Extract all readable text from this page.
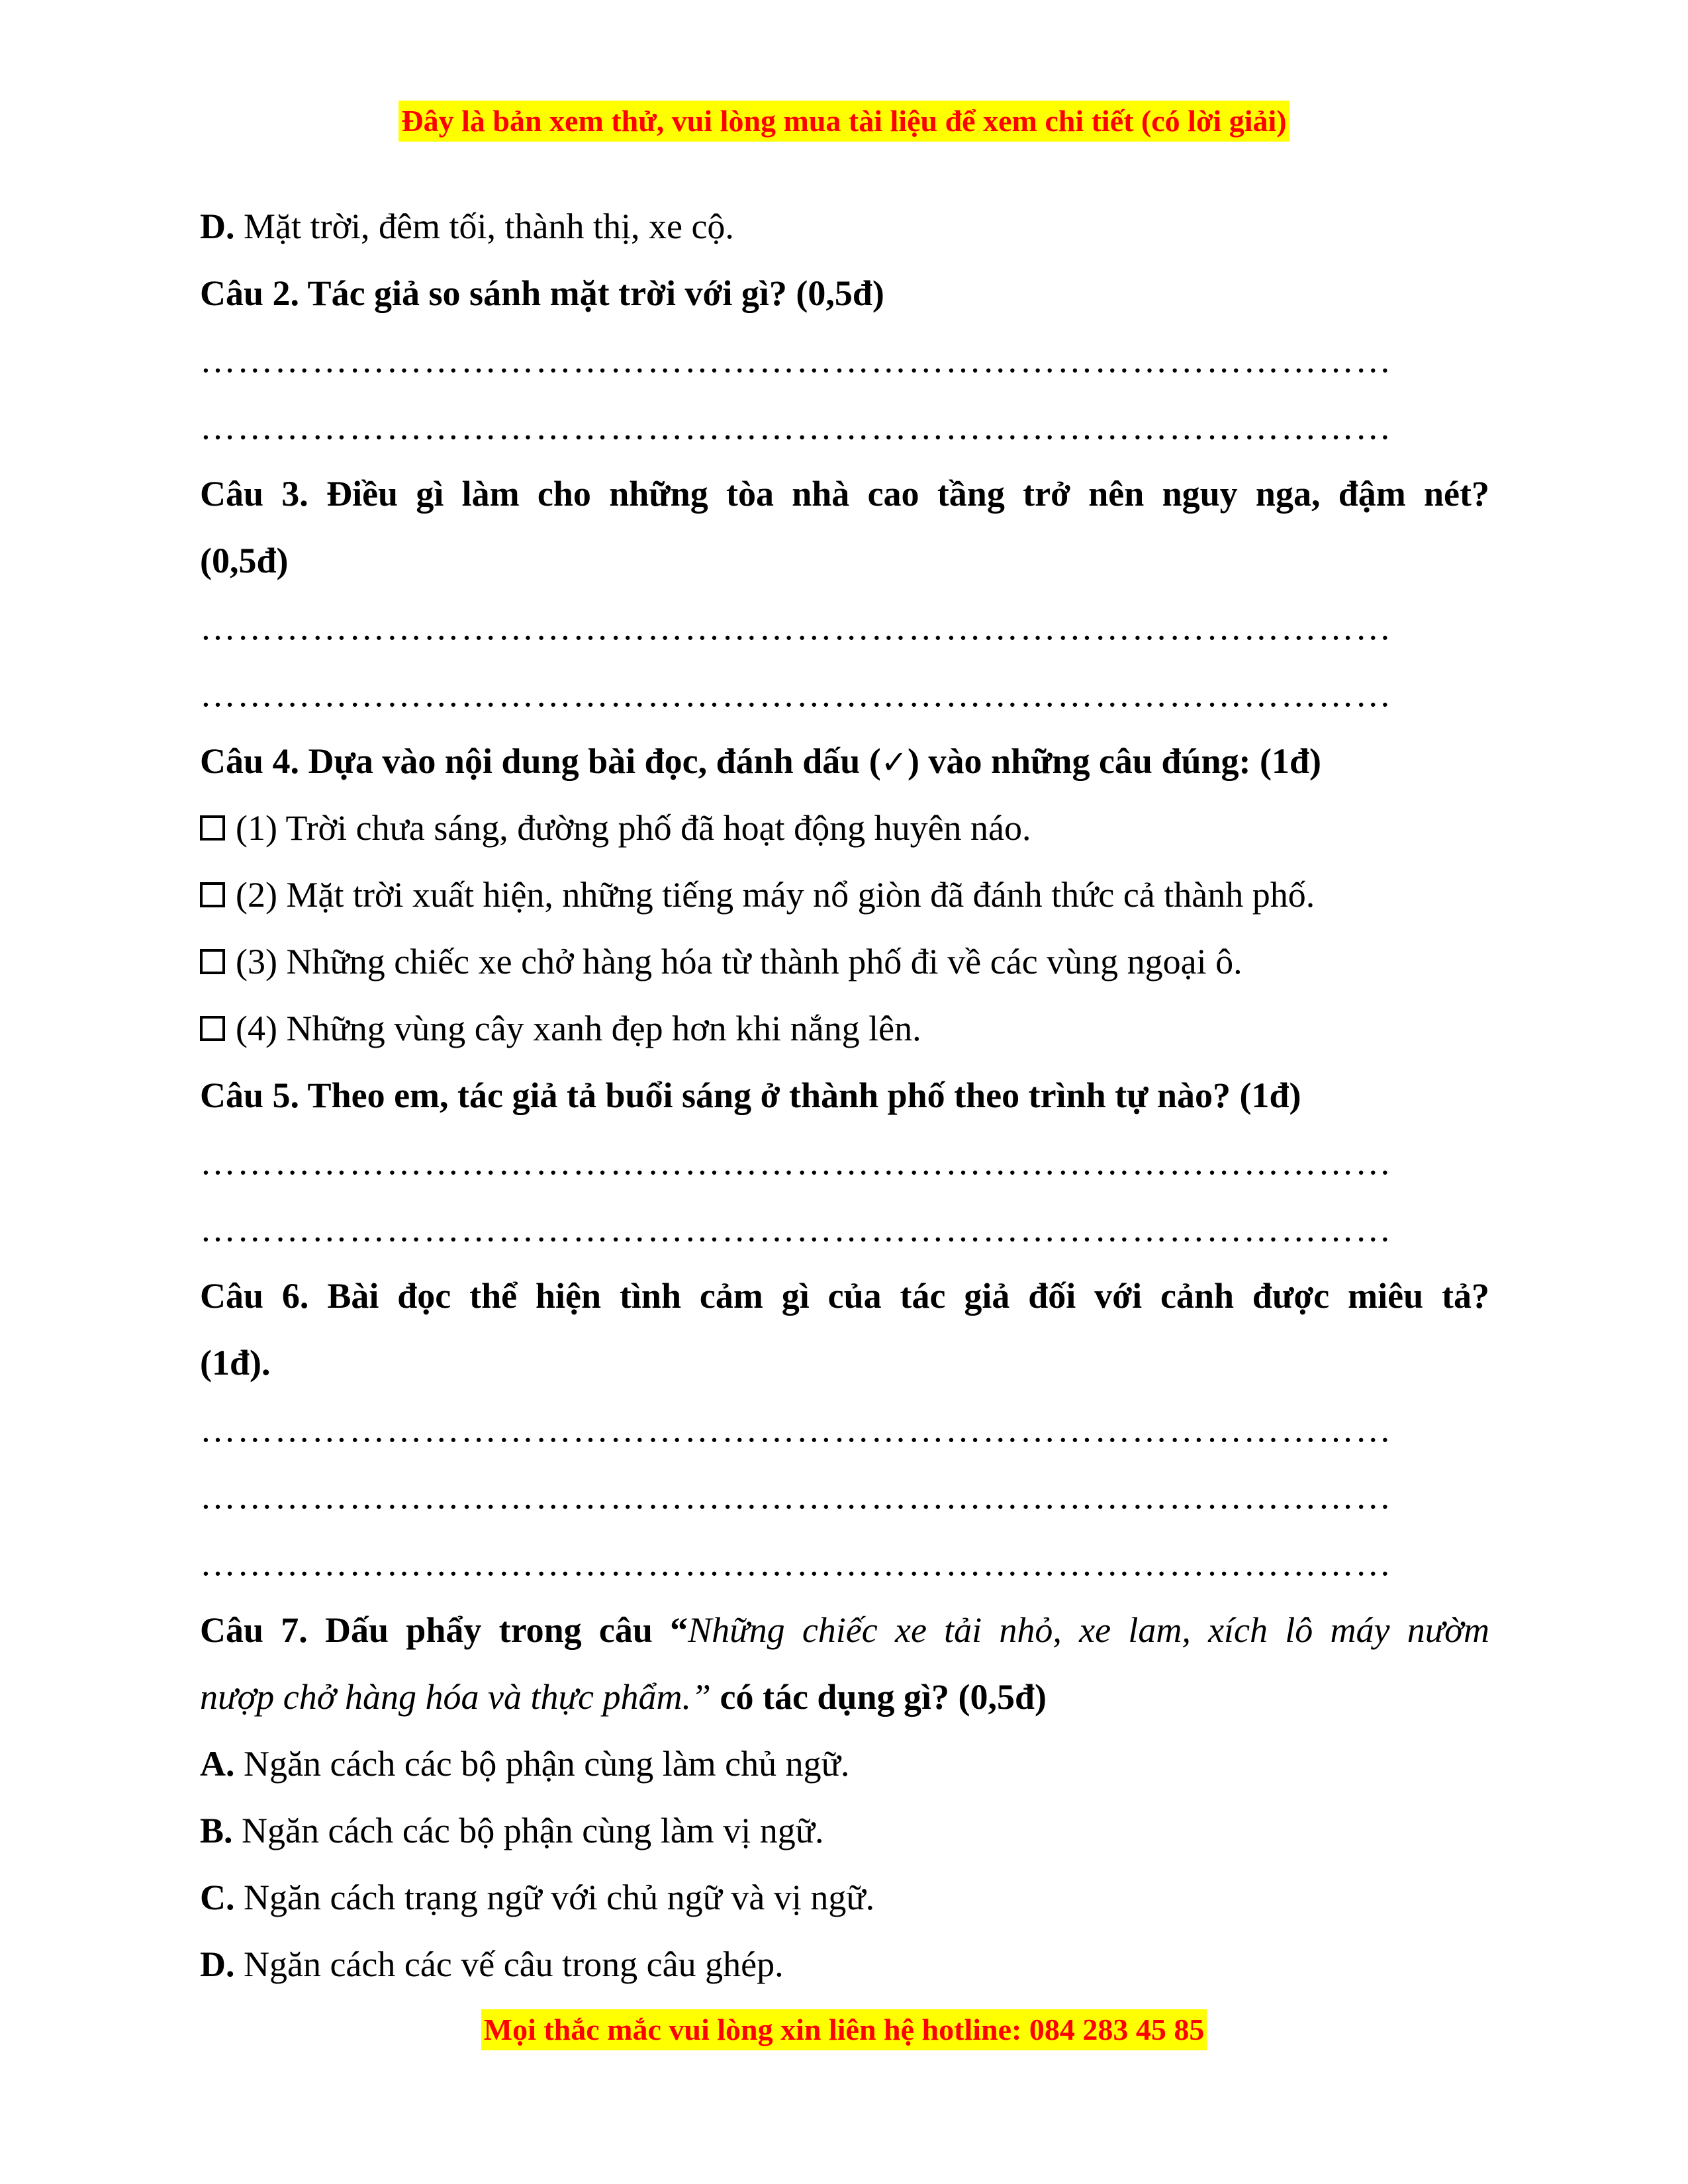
Đây là bản xem thử, vui lòng mua tài liệu để xem chi tiết (có lời giải)
D. Mặt trời, đêm tối, thành thị, xe cộ.
Câu 2. Tác giả so sánh mặt trời với gì? (0,5đ)
……………………………………………………………………………………
……………………………………………………………………………………
Câu 3. Điều gì làm cho những tòa nhà cao tầng trở nên nguy nga, đậm nét?
(0,5đ)
……………………………………………………………………………………
……………………………………………………………………………………
Câu 4. Dựa vào nội dung bài đọc, đánh dấu (✓) vào những câu đúng: (1đ)
(1) Trời chưa sáng, đường phố đã hoạt động huyên náo.
(2) Mặt trời xuất hiện, những tiếng máy nổ giòn đã đánh thức cả thành phố.
(3) Những chiếc xe chở hàng hóa từ thành phố đi về các vùng ngoại ô.
(4) Những vùng cây xanh đẹp hơn khi nắng lên.
Câu 5. Theo em, tác giả tả buổi sáng ở thành phố theo trình tự nào? (1đ)
……………………………………………………………………………………
……………………………………………………………………………………
Câu 6. Bài đọc thể hiện tình cảm gì của tác giả đối với cảnh được miêu tả?
(1đ).
……………………………………………………………………………………
……………………………………………………………………………………
……………………………………………………………………………………
Câu 7. Dấu phẩy trong câu “Những chiếc xe tải nhỏ, xe lam, xích lô máy nườm
nượp chở hàng hóa và thực phẩm.” có tác dụng gì? (0,5đ)
A. Ngăn cách các bộ phận cùng làm chủ ngữ.
B. Ngăn cách các bộ phận cùng làm vị ngữ.
C. Ngăn cách trạng ngữ với chủ ngữ và vị ngữ.
D. Ngăn cách các vế câu trong câu ghép.
Mọi thắc mắc vui lòng xin liên hệ hotline: 084 283 45 85
